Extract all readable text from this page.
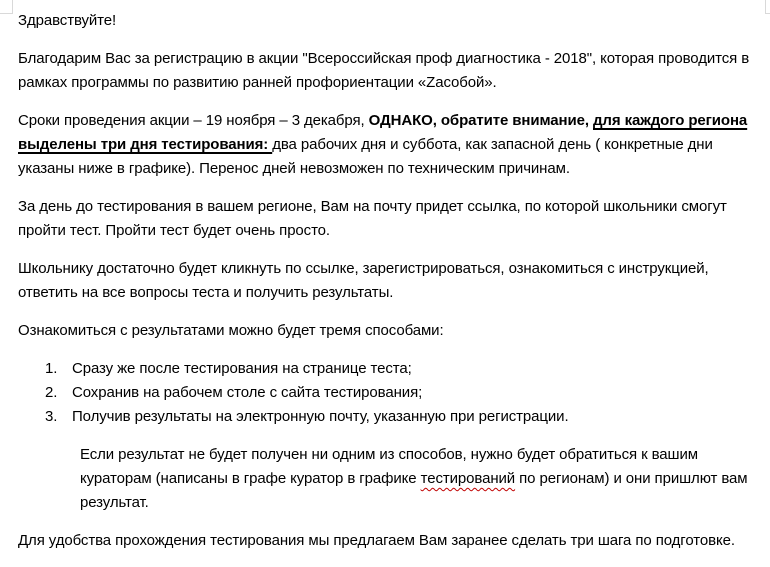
Здравствуйте!
Благодарим Вас за регистрацию в акции "Всероссийская проф диагностика - 2018", которая проводится в рамках программы по развитию ранней профориентации «Zасобой».
Сроки проведения акции – 19 ноября – 3 декабря, ОДНАКО, обратите внимание, для каждого региона выделены три дня тестирования: два рабочих дня и суббота, как запасной день ( конкретные дни указаны ниже в графике). Перенос дней невозможен по техническим причинам.
За день до тестирования в вашем регионе, Вам на почту придет ссылка, по которой школьники смогут пройти тест. Пройти тест будет очень просто.
Школьнику достаточно будет кликнуть по ссылке, зарегистрироваться, ознакомиться с инструкцией, ответить на все вопросы теста и получить результаты.
Ознакомиться с результатами можно будет тремя способами:
1. Сразу же после тестирования на странице теста;
2. Сохранив на рабочем столе с сайта тестирования;
3. Получив результаты на электронную почту, указанную при регистрации.
Если результат не будет получен ни одним из способов, нужно будет обратиться к вашим кураторам (написаны в графе куратор в графике тестирований по регионам) и они пришлют вам результат.
Для удобства прохождения тестирования мы предлагаем Вам заранее сделать три шага по подготовке.
